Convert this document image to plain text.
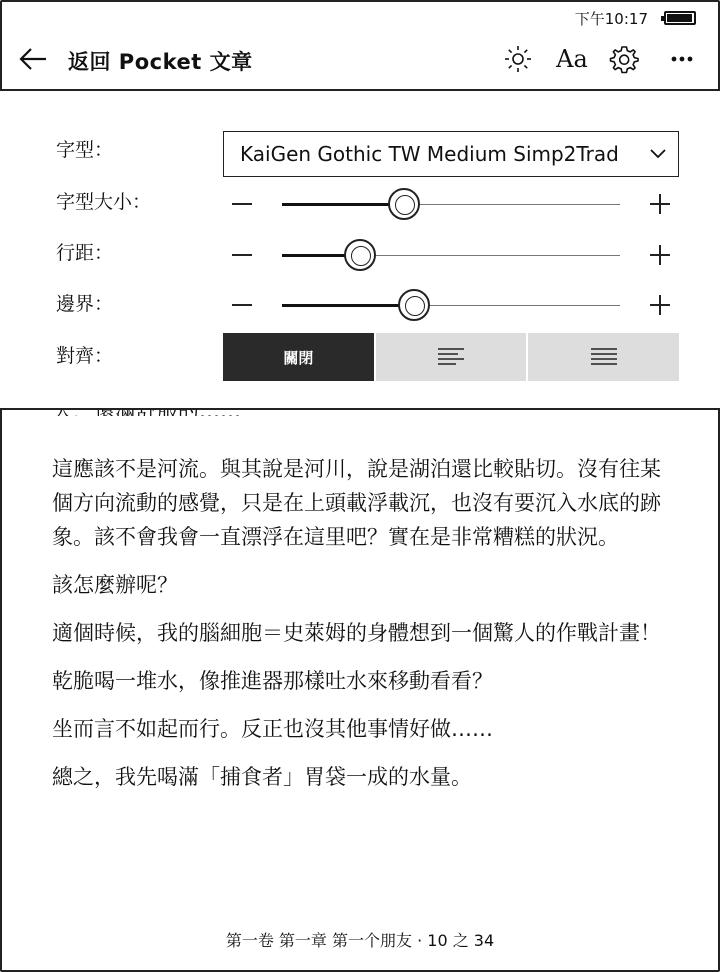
下午10:17
返回 Pocket 文章	Aa
字型：	KaiGen Gothic TW Medium Simp2Trad
字型大小：
行距：
邊界：
對齊：	關閉

這應該不是河流。與其說是河川，說是湖泊還比較貼切。沒有往某個方向流動的感覺，只是在上頭載浮載沉，也沒有要沉入水底的跡象。該不會我會一直漂浮在這里吧？實在是非常糟糕的狀況。

該怎麼辦呢？

適個時候，我的腦細胞＝史萊姆的身體想到一個驚人的作戰計畫！

乾脆喝一堆水，像推進器那樣吐水來移動看看？

坐而言不如起而行。反正也沒其他事情好做……

總之，我先喝滿「捕食者」胃袋一成的水量。

第一卷 第一章 第一个朋友 · 10 之 34
